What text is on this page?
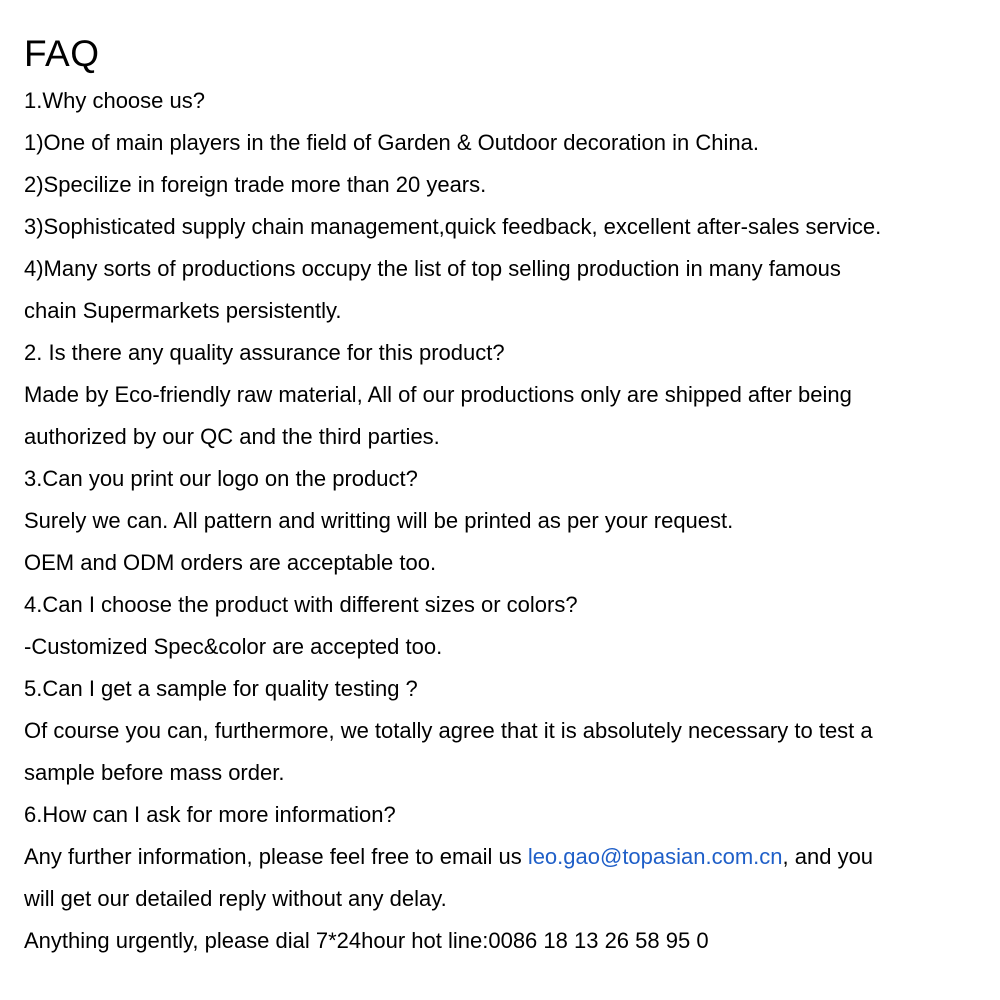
FAQ
1.Why choose us?
1)One of main players in the field of Garden & Outdoor decoration in China.
2)Specilize in foreign trade more than 20 years.
3)Sophisticated supply chain management,quick feedback, excellent after-sales service.
4)Many sorts of productions occupy the list of top selling production in many famous
chain Supermarkets persistently.
2. Is there any quality assurance for this product?
Made by Eco-friendly raw material, All of our productions only are shipped after being
authorized by our QC and the third parties.
3.Can you print our logo on the product?
Surely we can. All pattern and writting will be printed as per your request.
OEM and ODM orders are acceptable too.
4.Can I choose the product with different sizes or colors?
-Customized Spec&color are accepted too.
5.Can I get a sample for quality testing ?
Of course you can, furthermore, we totally agree that it is absolutely necessary to test a
sample before mass order.
6.How can I ask for more information?
Any further information, please feel free to email us leo.gao@topasian.com.cn, and you
will get our detailed reply without any delay.
Anything urgently, please dial 7*24hour hot line:0086 18 13 26 58 95 0
